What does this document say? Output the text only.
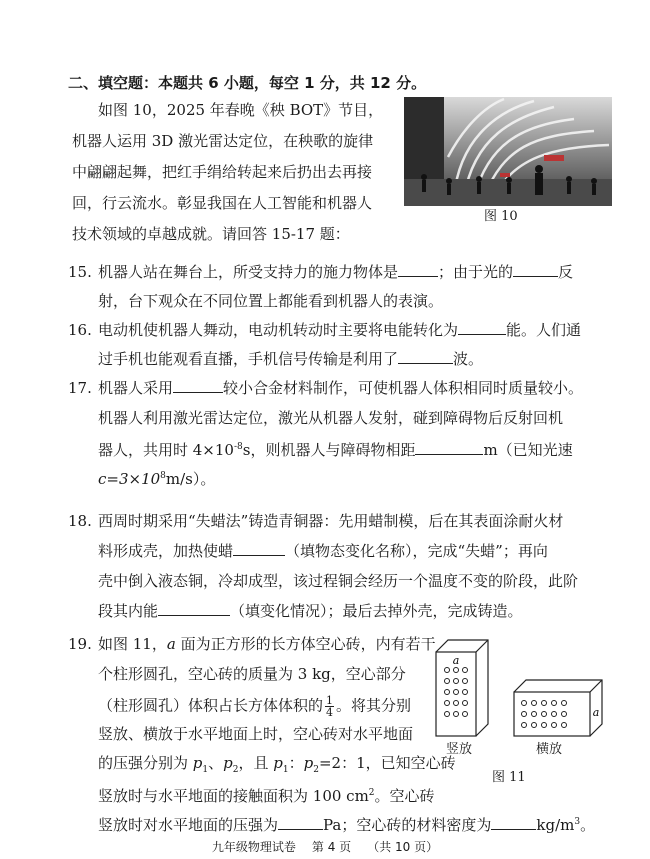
二、填空题：本题共 6 小题，每空 1 分，共 12 分。
如图 10，2025 年春晚《秧 BOT》节目，
机器人运用 3D 激光雷达定位，在秧歌的旋律
中翩翩起舞，把红手绢给转起来后扔出去再接
回，行云流水。彰显我国在人工智能和机器人
技术领域的卓越成就。请回答 15-17 题：
图 10
15. 机器人站在舞台上，所受支持力的施力物体是	；由于光的	反
射，台下观众在不同位置上都能看到机器人的表演。
16. 电动机使机器人舞动，电动机转动时主要将电能转化为	能。人们通
过手机也能观看直播，手机信号传输是利用了	波。
17. 机器人采用	较小合金材料制作，可使机器人体积相同时质量较小。
机器人利用激光雷达定位，激光从机器人发射，碰到障碍物后反射回机
器人，共用时 $4\times 10^{-8}s$，则机器人与障碍物相距	m（已知光速
$c=3\times 10^8m/s$）。
18. 西周时期采用“失蜡法”铸造青铜器：先用蜡制模，后在其表面涂耐火材
料形成壳，加热使蜡	（填物态变化名称），完成“失蜡”；再向
壳中倒入液态铜，冷却成型，该过程铜会经历一个温度不变的阶段，此阶
段其内能	（填变化情况）；最后去掉外壳，完成铸造。
19. 如图 11，a 面为正方形的长方体空心砖，内有若干
个柱形圆孔，空心砖的质量为 3 kg，空心部分
（柱形圆孔）体积占长方体体积的 $\frac{1}{4}$ 。将其分别
竖放、横放于水平地面上时，空心砖对水平地面
的压强分别为 $p_1$、$p_2$，且 $p_1$：$p_2=2$：1，已知空心砖
竖放时与水平地面的接触面积为 100 $cm^2$。空心砖
竖放时对水平地面的压强为	Pa；空心砖的材料密度为	$kg/m^3$。
a
a
竖放	横放
图 11
九年级物理试卷 第 4 页 （共 10 页）
